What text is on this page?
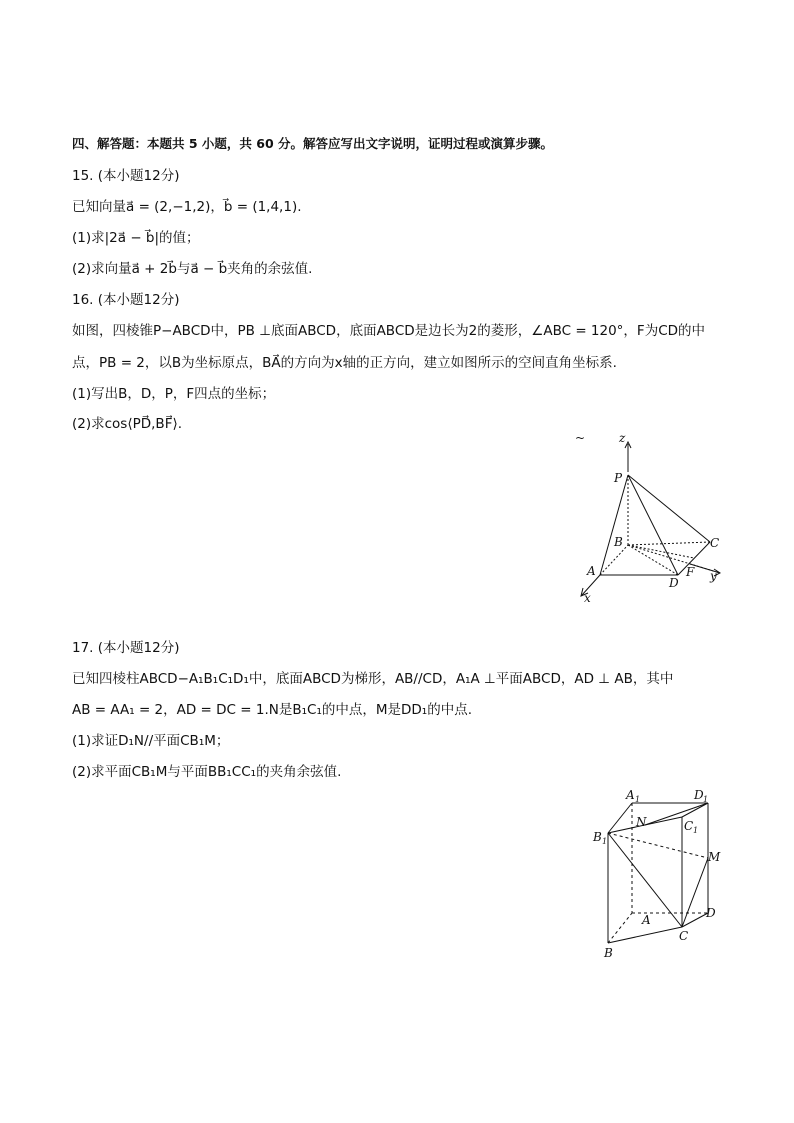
四、解答题：本题共 5 小题，共 60 分。解答应写出文字说明，证明过程或演算步骤。
15. (本小题12分)
已知向量a⃗ = (2,−1,2)，b⃗ = (1,4,1).
(1)求|2a⃗ − b⃗|的值；
(2)求向量a⃗ + 2b⃗与a⃗ − b⃗夹角的余弦值.
16. (本小题12分)
如图，四棱锥P−ABCD中，PB ⊥底面ABCD，底面ABCD是边长为2的菱形，∠ABC = 120°，F为CD的中
点，PB = 2，以B为坐标原点，BA⃗的方向为x轴的正方向，建立如图所示的空间直角坐标系.
(1)写出B，D，P，F四点的坐标；
(2)求cos⟨PD⃗,BF⃗⟩.
~	z
P
B	C
A
D
F y
x
17. (本小题12分)
已知四棱柱ABCD−A₁B₁C₁D₁中，底面ABCD为梯形，AB//CD，A₁A ⊥平面ABCD，AD ⊥ AB，其中
AB = AA₁ = 2，AD = DC = 1.N是B₁C₁的中点，M是DD₁的中点.
(1)求证D₁N//平面CB₁M；
(2)求平面CB₁M与平面BB₁CC₁的夹角余弦值.
A 1	D 1
N	C 1
B 1
M
A	D
C
B
